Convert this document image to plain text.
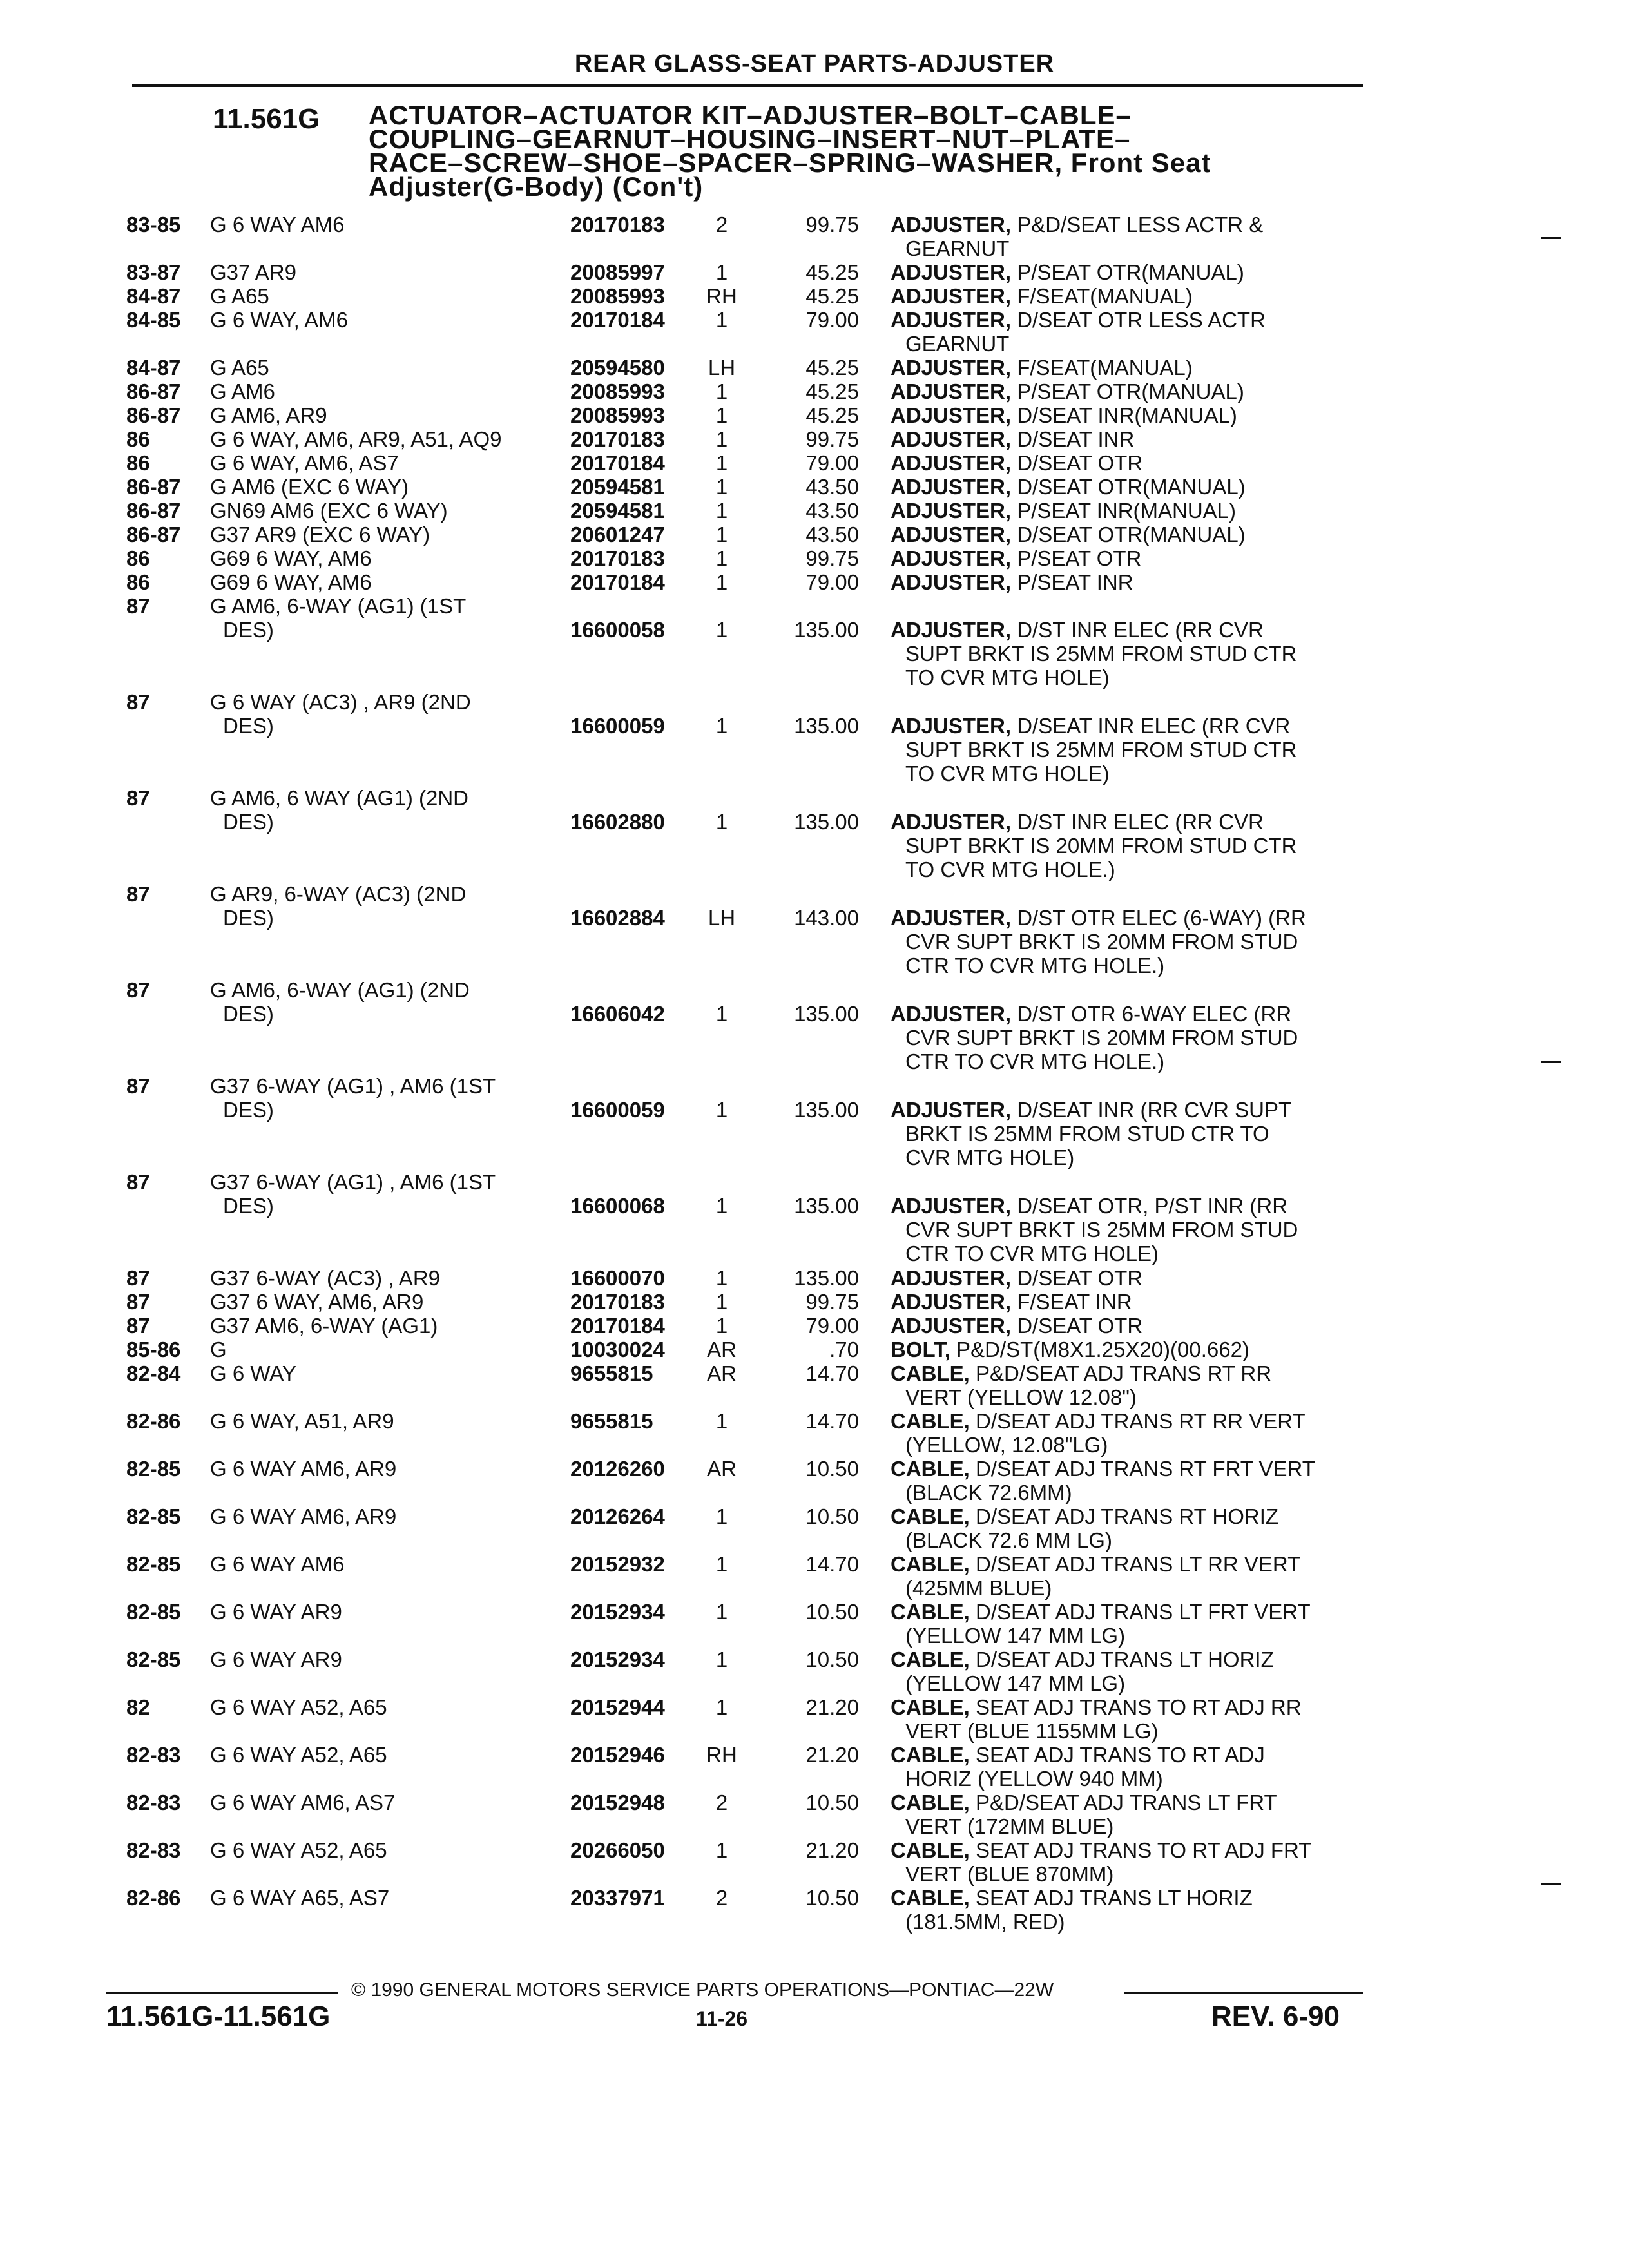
REAR GLASS-SEAT PARTS-ADJUSTER
11.561G ACTUATOR–ACTUATOR KIT–ADJUSTER–BOLT–CABLE–
COUPLING–GEARNUT–HOUSING–INSERT–NUT–PLATE–
RACE–SCREW–SHOE–SPACER–SPRING–WASHER, Front Seat
Adjuster(G-Body) (Con't)
83-85 G 6 WAY AM6	20170183	2	99.75 ADJUSTER, P&D/SEAT LESS ACTR &
GEARNUT
83-87 G37 AR9	20085997	1	45.25 ADJUSTER, P/SEAT OTR(MANUAL)
84-87 G A65	20085993 RH	45.25 ADJUSTER, F/SEAT(MANUAL)
84-85 G 6 WAY, AM6	20170184	1	79.00 ADJUSTER, D/SEAT OTR LESS ACTR
GEARNUT
84-87 G A65	20594580 LH	45.25 ADJUSTER, F/SEAT(MANUAL)
86-87 G AM6	20085993	1	45.25 ADJUSTER, P/SEAT OTR(MANUAL)
86-87 G AM6, AR9	20085993	1	45.25 ADJUSTER, D/SEAT INR(MANUAL)
86	G 6 WAY, AM6, AR9, A51, AQ9	20170183	1	99.75 ADJUSTER, D/SEAT INR
86	G 6 WAY, AM6, AS7	20170184	1	79.00 ADJUSTER, D/SEAT OTR
86-87 G AM6 (EXC 6 WAY)	20594581	1	43.50 ADJUSTER, D/SEAT OTR(MANUAL)
86-87 GN69 AM6 (EXC 6 WAY)	20594581	1	43.50 ADJUSTER, P/SEAT INR(MANUAL)
86-87 G37 AR9 (EXC 6 WAY)	20601247	1	43.50 ADJUSTER, D/SEAT OTR(MANUAL)
86	G69 6 WAY, AM6	20170183	1	99.75 ADJUSTER, P/SEAT OTR
86	G69 6 WAY, AM6	20170184	1	79.00 ADJUSTER, P/SEAT INR
87	G AM6, 6-WAY (AG1) (1ST
DES)	16600058	1	135.00 ADJUSTER, D/ST INR ELEC (RR CVR
SUPT BRKT IS 25MM FROM STUD CTR
TO CVR MTG HOLE)
87	G 6 WAY (AC3) , AR9 (2ND
DES)	16600059	1	135.00 ADJUSTER, D/SEAT INR ELEC (RR CVR
SUPT BRKT IS 25MM FROM STUD CTR
TO CVR MTG HOLE)
87	G AM6, 6 WAY (AG1) (2ND
DES)	16602880	1	135.00 ADJUSTER, D/ST INR ELEC (RR CVR
SUPT BRKT IS 20MM FROM STUD CTR
TO CVR MTG HOLE.)
87	G AR9, 6-WAY (AC3) (2ND
DES)	16602884 LH	143.00 ADJUSTER, D/ST OTR ELEC (6-WAY) (RR
CVR SUPT BRKT IS 20MM FROM STUD
CTR TO CVR MTG HOLE.)
87	G AM6, 6-WAY (AG1) (2ND
DES)	16606042	1	135.00 ADJUSTER, D/ST OTR 6-WAY ELEC (RR
CVR SUPT BRKT IS 20MM FROM STUD
CTR TO CVR MTG HOLE.)
87	G37 6-WAY (AG1) , AM6 (1ST
DES)	16600059	1	135.00 ADJUSTER, D/SEAT INR (RR CVR SUPT
BRKT IS 25MM FROM STUD CTR TO
CVR MTG HOLE)
87	G37 6-WAY (AG1) , AM6 (1ST
DES)	16600068	1	135.00 ADJUSTER, D/SEAT OTR, P/ST INR (RR
CVR SUPT BRKT IS 25MM FROM STUD
CTR TO CVR MTG HOLE)
87	G37 6-WAY (AC3) , AR9	16600070	1	135.00 ADJUSTER, D/SEAT OTR
87	G37 6 WAY, AM6, AR9	20170183	1	99.75 ADJUSTER, F/SEAT INR
87	G37 AM6, 6-WAY (AG1)	20170184	1	79.00 ADJUSTER, D/SEAT OTR
85-86 G	10030024 AR	.70 BOLT, P&D/ST(M8X1.25X20)(00.662)
82-84 G 6 WAY	9655815	AR	14.70 CABLE, P&D/SEAT ADJ TRANS RT RR
VERT (YELLOW 12.08")
82-86 G 6 WAY, A51, AR9	9655815	1	14.70 CABLE, D/SEAT ADJ TRANS RT RR VERT
(YELLOW, 12.08"LG)
82-85 G 6 WAY AM6, AR9	20126260 AR	10.50 CABLE, D/SEAT ADJ TRANS RT FRT VERT
(BLACK 72.6MM)
82-85 G 6 WAY AM6, AR9	20126264	1	10.50 CABLE, D/SEAT ADJ TRANS RT HORIZ
(BLACK 72.6 MM LG)
82-85 G 6 WAY AM6	20152932	1	14.70 CABLE, D/SEAT ADJ TRANS LT RR VERT
(425MM BLUE)
82-85 G 6 WAY AR9	20152934	1	10.50 CABLE, D/SEAT ADJ TRANS LT FRT VERT
(YELLOW 147 MM LG)
82-85 G 6 WAY AR9	20152934	1	10.50 CABLE, D/SEAT ADJ TRANS LT HORIZ
(YELLOW 147 MM LG)
82	G 6 WAY A52, A65	20152944	1	21.20 CABLE, SEAT ADJ TRANS TO RT ADJ RR
VERT (BLUE 1155MM LG)
82-83 G 6 WAY A52, A65	20152946 RH	21.20 CABLE, SEAT ADJ TRANS TO RT ADJ
HORIZ (YELLOW 940 MM)
82-83 G 6 WAY AM6, AS7	20152948	2	10.50 CABLE, P&D/SEAT ADJ TRANS LT FRT
VERT (172MM BLUE)
82-83 G 6 WAY A52, A65	20266050	1	21.20 CABLE, SEAT ADJ TRANS TO RT ADJ FRT
VERT (BLUE 870MM)
82-86 G 6 WAY A65, AS7	20337971	2	10.50 CABLE, SEAT ADJ TRANS LT HORIZ
(181.5MM, RED)
© 1990 GENERAL MOTORS SERVICE PARTS OPERATIONS—PONTIAC—22W
11.561G-11.561G	11-26	REV. 6-90
